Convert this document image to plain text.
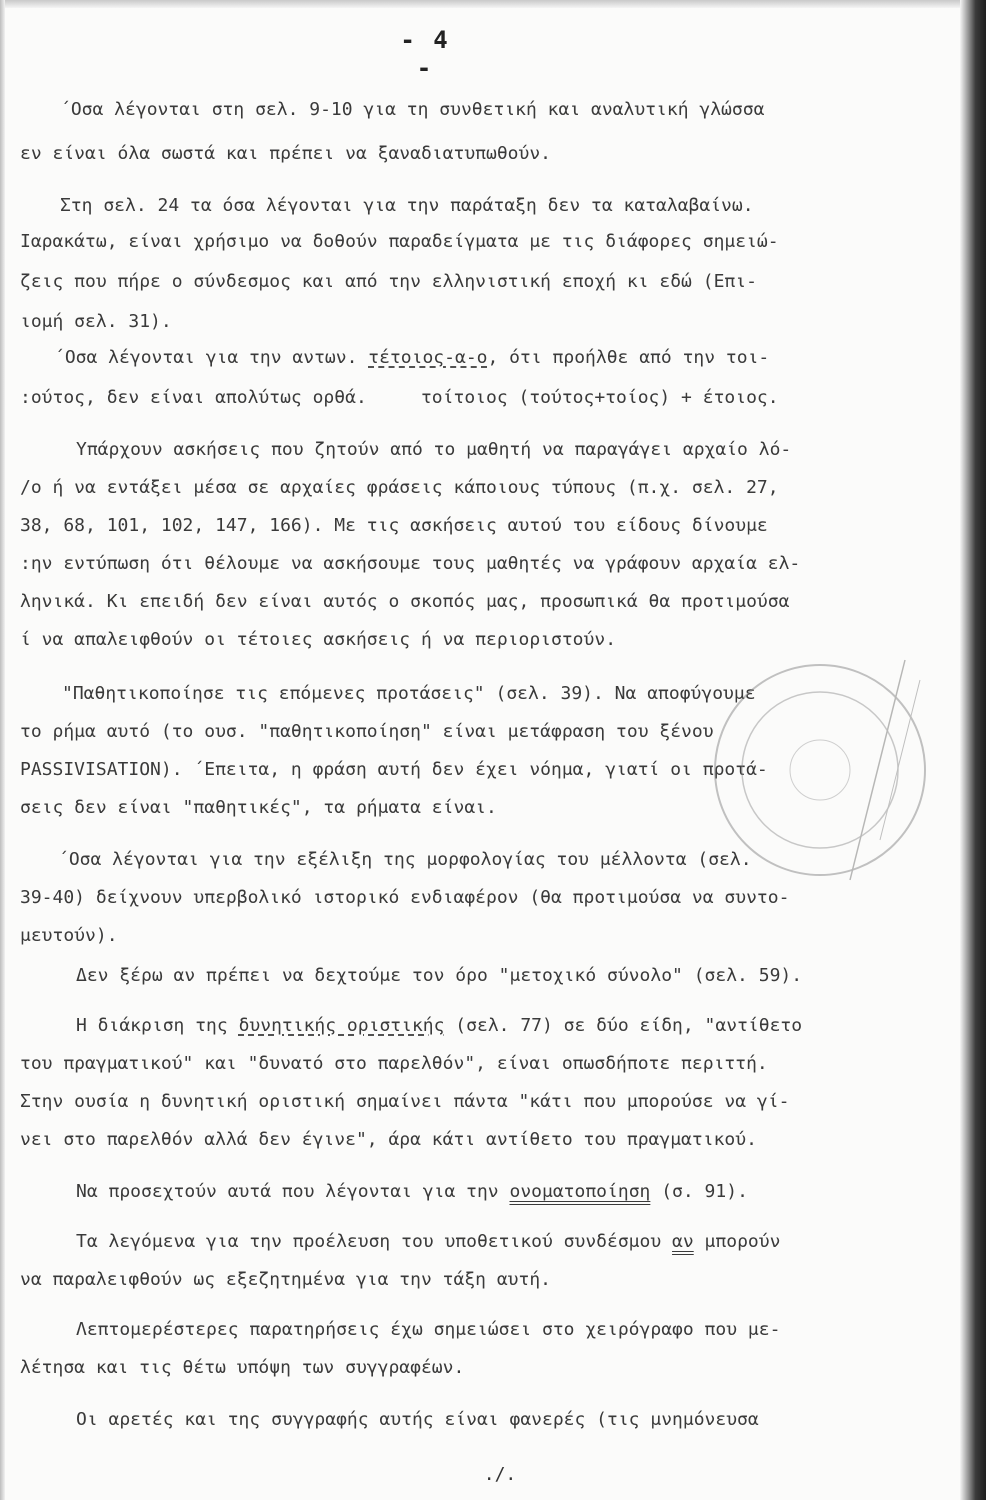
- 4 -
΄Οσα λέγονται στη σελ. 9-10 για τη συνθετική και αναλυτική γλώσσα
εν είναι όλα σωστά και πρέπει να ξαναδιατυπωθούν.
Στη σελ. 24 τα όσα λέγονται για την παράταξη δεν τα καταλαβαίνω.
Ιαρακάτω, είναι χρήσιμο να δοθούν παραδείγματα με τις διάφορες σημειώ-
ζεις που πήρε ο σύνδεσμος και από την ελληνιστική εποχή κι εδώ (Επι-
ιομή σελ. 31).
΄Οσα λέγονται για την αντων. τέτοιος-α-ο, ότι προήλθε από την τοι-
:ούτος, δεν είναι απολύτως ορθά.     τοίτοιος (τούτος+τοίος) + έτοιος.
Υπάρχουν ασκήσεις που ζητούν από το μαθητή να παραγάγει αρχαίο λό-
/ο ή να εντάξει μέσα σε αρχαίες φράσεις κάποιους τύπους (π.χ. σελ. 27,
38, 68, 101, 102, 147, 166). Με τις ασκήσεις αυτού του είδους δίνουμε
:ην εντύπωση ότι θέλουμε να ασκήσουμε τους μαθητές να γράφουν αρχαία ελ-
ληνικά. Κι επειδή δεν είναι αυτός ο σκοπός μας, προσωπικά θα προτιμούσα
ί να απαλειφθούν οι τέτοιες ασκήσεις ή να περιοριστούν.
"Παθητικοποίησε τις επόμενες προτάσεις" (σελ. 39). Να αποφύγουμε
το ρήμα αυτό (το ουσ. "παθητικοποίηση" είναι μετάφραση του ξένου
PASSIVISATION). ΄Επειτα, η φράση αυτή δεν έχει νόημα, γιατί οι προτά-
σεις δεν είναι "παθητικές", τα ρήματα είναι.
΄Οσα λέγονται για την εξέλιξη της μορφολογίας του μέλλοντα (σελ.
39-40) δείχνουν υπερβολικό ιστορικό ενδιαφέρον (θα προτιμούσα να συντο-
μευτούν).
Δεν ξέρω αν πρέπει να δεχτούμε τον όρο "μετοχικό σύνολο" (σελ. 59).
Η διάκριση της δυνητικής οριστικής (σελ. 77) σε δύο είδη, "αντίθετο
του πραγματικού" και "δυνατό στο παρελθόν", είναι οπωσδήποτε περιττή.
Στην ουσία η δυνητική οριστική σημαίνει πάντα "κάτι που μπορούσε να γί-
νει στο παρελθόν αλλά δεν έγινε", άρα κάτι αντίθετο του πραγματικού.
Να προσεχτούν αυτά που λέγονται για την ονοματοποίηση (σ. 91).
Τα λεγόμενα για την προέλευση του υποθετικού συνδέσμου αν μπορούν
να παραλειφθούν ως εξεζητημένα για την τάξη αυτή.
Λεπτομερέστερες παρατηρήσεις έχω σημειώσει στο χειρόγραφο που με-
λέτησα και τις θέτω υπόψη των συγγραφέων.
Οι αρετές και της συγγραφής αυτής είναι φανερές (τις μνημόνευσα
./.
